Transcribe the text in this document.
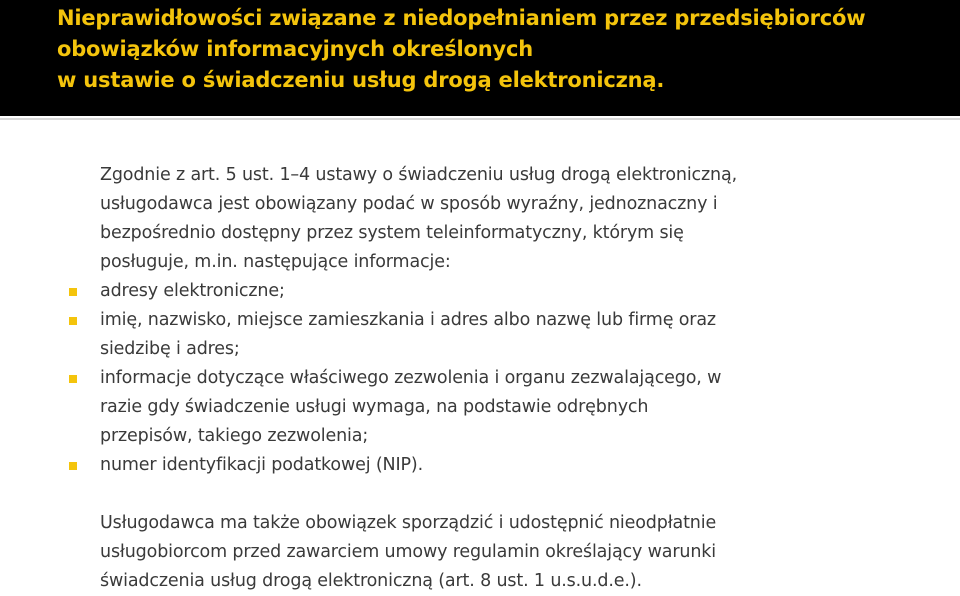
Nieprawidłowości związane z niedopełnianiem przez przedsiębiorców
obowiązków informacyjnych określonych
w ustawie o świadczeniu usług drogą elektroniczną.
Zgodnie z art. 5 ust. 1–4 ustawy o świadczeniu usług drogą elektroniczną,
usługodawca jest obowiązany podać w sposób wyraźny, jednoznaczny i
bezpośrednio dostępny przez system teleinformatyczny, którym się
posługuje, m.in. następujące informacje:
adresy elektroniczne;
imię, nazwisko, miejsce zamieszkania i adres albo nazwę lub firmę oraz
siedzibę i adres;
informacje dotyczące właściwego zezwolenia i organu zezwalającego, w
razie gdy świadczenie usługi wymaga, na podstawie odrębnych
przepisów, takiego zezwolenia;
numer identyfikacji podatkowej (NIP).
Usługodawca ma także obowiązek sporządzić i udostępnić nieodpłatnie
usługobiorcom przed zawarciem umowy regulamin określający warunki
świadczenia usług drogą elektroniczną (art. 8 ust. 1 u.s.u.d.e.).
